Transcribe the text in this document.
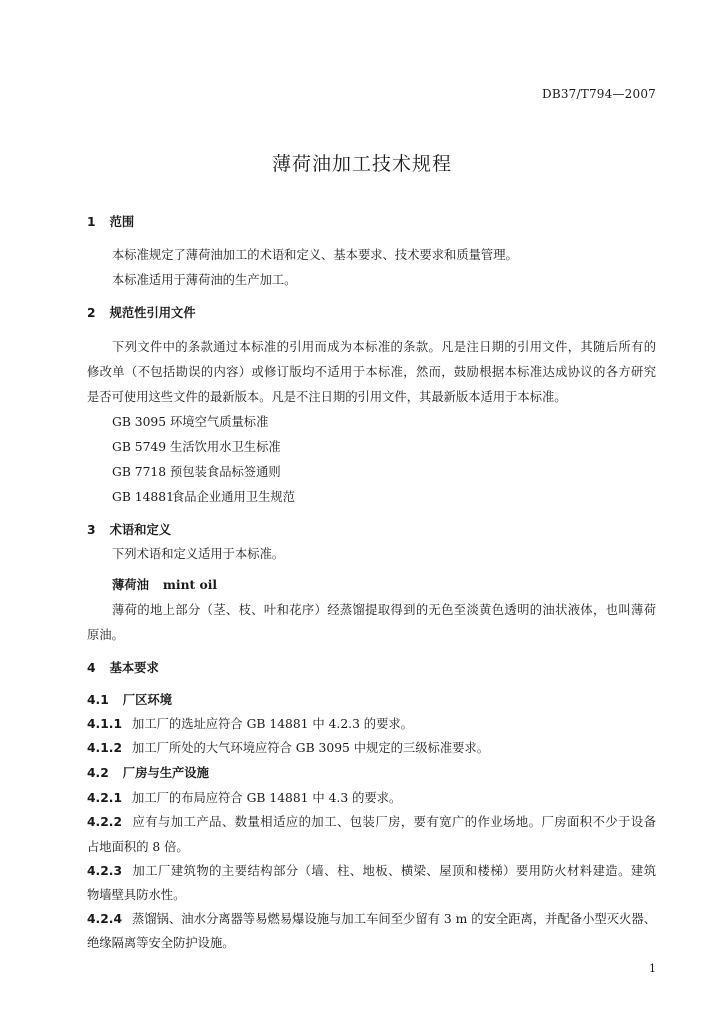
DB37/T794—2007
薄荷油加工技术规程
1 范围
本标准规定了薄荷油加工的术语和定义、基本要求、技术要求和质量管理。
本标准适用于薄荷油的生产加工。
2 规范性引用文件
下列文件中的条款通过本标准的引用而成为本标准的条款。凡是注日期的引用文件，其随后所有的
修改单（不包括勘误的内容）或修订版均不适用于本标准，然而，鼓励根据本标准达成协议的各方研究
是否可使用这些文件的最新版本。凡是不注日期的引用文件，其最新版本适用于本标准。
GB 3095 环境空气质量标准
GB 5749 生活饮用水卫生标准
GB 7718 预包装食品标签通则
GB 14881食品企业通用卫生规范
3 术语和定义
下列术语和定义适用于本标准。
薄荷油 mint oil
薄荷的地上部分（茎、枝、叶和花序）经蒸馏提取得到的无色至淡黄色透明的油状液体，也叫薄荷
原油。
4 基本要求
4.1 厂区环境
4.1.1 加工厂的选址应符合 GB 14881 中 4.2.3 的要求。
4.1.2 加工厂所处的大气环境应符合 GB 3095 中规定的三级标准要求。
4.2 厂房与生产设施
4.2.1 加工厂的布局应符合 GB 14881 中 4.3 的要求。
4.2.2 应有与加工产品、数量相适应的加工、包装厂房，要有宽广的作业场地。厂房面积不少于设备
占地面积的 8 倍。
4.2.3 加工厂建筑物的主要结构部分（墙、柱、地板、横梁、屋顶和楼梯）要用防火材料建造。建筑
物墙壁具防水性。
4.2.4 蒸馏锅、油水分离器等易燃易爆设施与加工车间至少留有 3 m 的安全距离，并配备小型灭火器、
绝缘隔离等安全防护设施。
1
